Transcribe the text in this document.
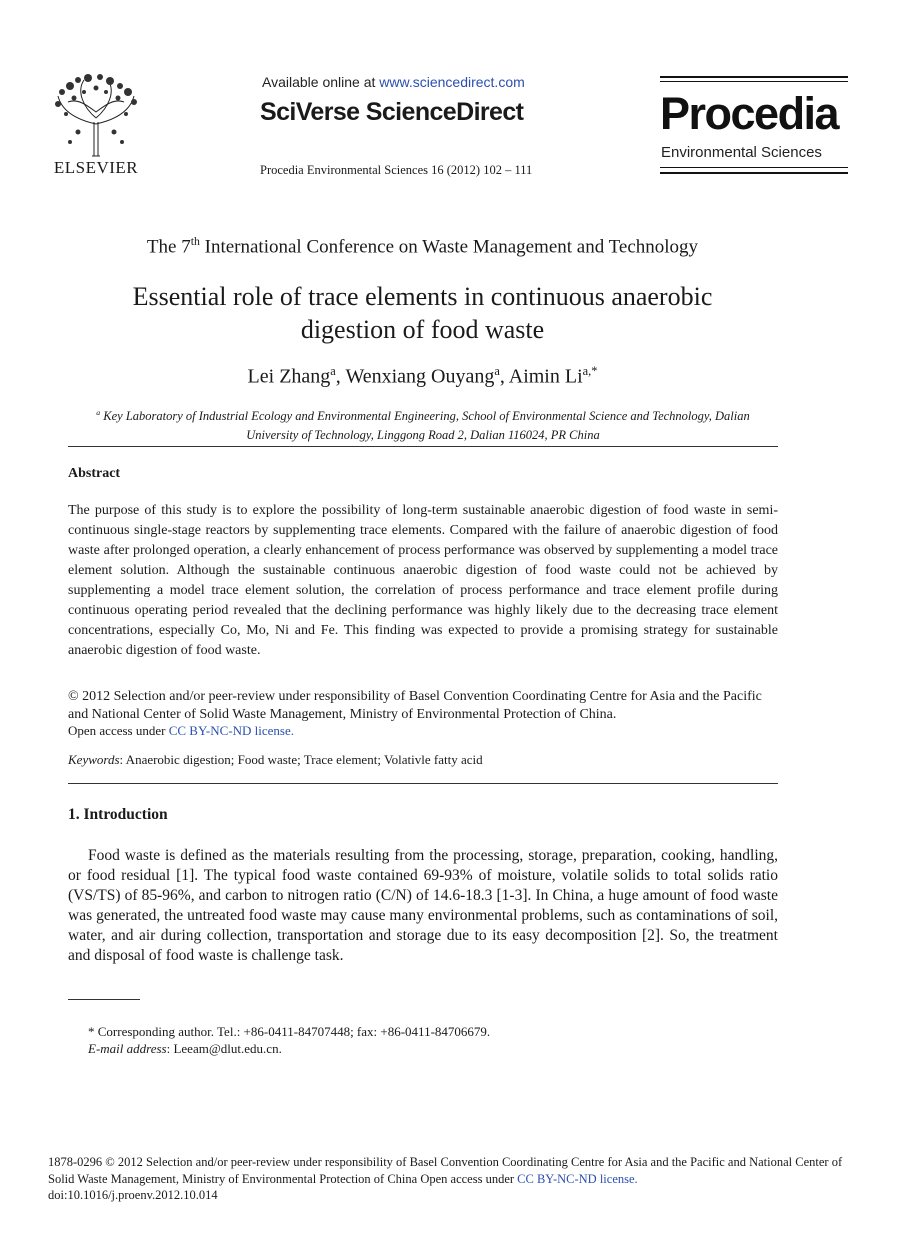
ELSEVIER
Available online at www.sciencedirect.com
SciVerse ScienceDirect
Procedia Environmental Sciences 16 (2012) 102 – 111
Procedia
Environmental Sciences
The 7th International Conference on Waste Management and Technology
Essential role of trace elements in continuous anaerobic
digestion of food waste
Lei Zhang$^a$, Wenxiang Ouyang$^a$, Aimin $Li^{a,*}$
$^a$ Key Laboratory of Industrial Ecology and Environmental Engineering, School of Environmental Science and Technology, Dalian
University of Technology, Linggong Road 2, Dalian 116024, PR China
Abstract
The purpose of this study is to explore the possibility of long-term sustainable anaerobic digestion of food waste in semi-continuous single-stage reactors by supplementing trace elements. Compared with the failure of anaerobic digestion of food waste after prolonged operation, a clearly enhancement of process performance was observed by supplementing a model trace element solution. Although the sustainable continuous anaerobic digestion of food waste could not be achieved by supplementing a model trace element solution, the correlation of process performance and trace element profile during continuous operating period revealed that the declining performance was highly likely due to the decreasing trace element concentrations, especially Co, Mo, Ni and Fe. This finding was expected to provide a promising strategy for sustainable anaerobic digestion of food waste.
© 2012 Selection and/or peer-review under responsibility of Basel Convention Coordinating Centre for Asia and the Pacific and National Center of Solid Waste Management, Ministry of Environmental Protection of China.
Open access under CC BY-NC-ND license.
Keywords: Anaerobic digestion; Food waste; Trace element; Volativle fatty acid
1. Introduction
Food waste is defined as the materials resulting from the processing, storage, preparation, cooking, handling, or food residual [1]. The typical food waste contained 69-93% of moisture, volatile solids to total solids ratio (VS/TS) of 85-96%, and carbon to nitrogen ratio (C/N) of 14.6-18.3 [1-3]. In China, a huge amount of food waste was generated, the untreated food waste may cause many environmental problems, such as contaminations of soil, water, and air during collection, transportation and storage due to its easy decomposition [2]. So, the treatment and disposal of food waste is challenge task.
* Corresponding author. Tel.: +86-0411-84707448; fax: +86-0411-84706679.
E-mail address: Leeam@dlut.edu.cn.
1878-0296 © 2012 Selection and/or peer-review under responsibility of Basel Convention Coordinating Centre for Asia and the Pacific and National Center of Solid Waste Management, Ministry of Environmental Protection of China Open access under CC BY-NC-ND license.
doi:10.1016/j.proenv.2012.10.014
